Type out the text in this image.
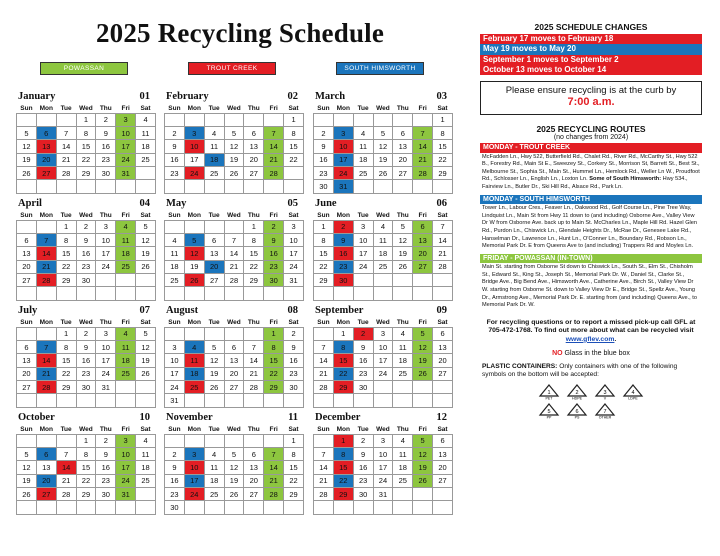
2025 Recycling Schedule
POWASSAN	TROUT CREEK	SOUTH HIMSWORTH
January	01
Sun	Mon	Tue	Wed	Thu	Fri	Sat
			1	2	3	4
5	6	7	8	9	10	11
12	13	14	15	16	17	18
19	20	21	22	23	24	25
26	27	28	29	30	31	

February	02
Sun	Mon	Tue	Wed	Thu	Fri	Sat
						1
2	3	4	5	6	7	8
9	10	11	12	13	14	15
16	17	18	19	20	21	22
23	24	25	26	27	28	

March	03
Sun	Mon	Tue	Wed	Thu	Fri	Sat
						1
2	3	4	5	6	7	8
9	10	11	12	13	14	15
16	17	18	19	20	21	22
23	24	25	26	27	28	29
30	31					
April	04
Sun	Mon	Tue	Wed	Thu	Fri	Sat
		1	2	3	4	5
6	7	8	9	10	11	12
13	14	15	16	17	18	19
20	21	22	23	24	25	26
27	28	29	30			

May	05
Sun	Mon	Tue	Wed	Thu	Fri	Sat
				1	2	3
4	5	6	7	8	9	10
11	12	13	14	15	16	17
18	19	20	21	22	23	24
25	26	27	28	29	30	31

June	06
Sun	Mon	Tue	Wed	Thu	Fri	Sat
1	2	3	4	5	6	7
8	9	10	11	12	13	14
15	16	17	18	19	20	21
22	23	24	25	26	27	28
29	30					

July	07
Sun	Mon	Tue	Wed	Thu	Fri	Sat
		1	2	3	4	5
6	7	8	9	10	11	12
13	14	15	16	17	18	19
20	21	22	23	24	25	26
27	28	29	30	31		

August	08
Sun	Mon	Tue	Wed	Thu	Fri	Sat
					1	2
3	4	5	6	7	8	9
10	11	12	13	14	15	16
17	18	19	20	21	22	23
24	25	26	27	28	29	30
31						
September	09
Sun	Mon	Tue	Wed	Thu	Fri	Sat
	1	2	3	4	5	6
7	8	9	10	11	12	13
14	15	16	17	18	19	20
21	22	23	24	25	26	27
28	29	30				

October	10
Sun	Mon	Tue	Wed	Thu	Fri	Sat
			1	2	3	4
5	6	7	8	9	10	11
12	13	14	15	16	17	18
19	20	21	22	23	24	25
26	27	28	29	30	31	

November	11
Sun	Mon	Tue	Wed	Thu	Fri	Sat
						1
2	3	4	5	6	7	8
9	10	11	12	13	14	15
16	17	18	19	20	21	22
23	24	25	26	27	28	29
30						
December	12
Sun	Mon	Tue	Wed	Thu	Fri	Sat
	1	2	3	4	5	6
7	8	9	10	11	12	13
14	15	16	17	18	19	20
21	22	23	24	25	26	27
28	29	30	31			

2025 SCHEDULE CHANGES
February 17 moves to February 18
May 19 moves to May 20
September 1 moves to September 2
October 13 moves to October 14
Please ensure recycling is at the curb by
7:00 a.m.
2025 RECYCLING ROUTES
(no changes from 2024)
MONDAY - TROUT CREEK
McFadden Ln., Hwy 522, Butterfield Rd., Chalet Rd., River Rd., McCarthy St., Hwy 522 B., Forestry Rd., Main St E., Sweezey St., Corkery St., Morrison St, Barrett St., Best St., Melbourne St., Sophia St., Main St., Hummel Ln., Hemlock Rd., Weller Ln W., Proudfoot Rd., Schlosser Ln., English Ln., Loxton Ln. Some of South Himsworth: Hwy 534., Fairview Ln., Butler Dr., Ski Hill Rd., Alsace Rd., Park Ln.
MONDAY - SOUTH HIMSWORTH
Tower Ln., Labour Cres., Feaver Ln., Oakwood Rd., Golf Course Ln., Pine Tree Way, Lindquist Ln., Main St from Hwy 11 down to (and including) Osborne Ave., Valley View Dr W from Osborne Ave. back up to Main St. McCharles Ln., Maple Hill Rd. Hazel Glen Rd., Purdon Ln., Chiswick Ln., Glendale Heights Dr., McRae Dr., Genesee Lake Rd., Hanselman Dr., Lawrence Ln., Hunt Ln., O'Conner Ln., Boundary Rd., Robson Ln., Memorial Park Dr. E from Queens Ave to (and including) Trappers Rd and Moyles Ln.
FRIDAY - POWASSAN (IN-TOWN)
Main St. starting from Osborne St down to Chiswick Ln., South St., Elm St., Chisholm St., Edward St., King St., Joseph St., Memorial Park Dr. W., Daniel St., Clarke St., Bridge Ave., Big Bend Ave., Himsworth Ave., Catherine Ave., Birch St., Valley View Dr W. starting from Osborne St. down to Valley View Dr E., Bridge St., Spellz Ave., Young Dr., Armstrong Ave., Memorial Park Dr. E. starting from (and including) Queens Ave., to Memorial Park Dr. W.
For recycling questions or to report a missed pick-up call GFL at 705-472-1768. To find out more about what can be recycled visit www.gflev.com.
NO Glass in the blue box
PLASTIC CONTAINERS: Only containers with one of the following symbols on the bottom will be accepted:
1
PET
2
HDPE
3
V
4
LDPE
5
PP
6
PS
7
OTHER
